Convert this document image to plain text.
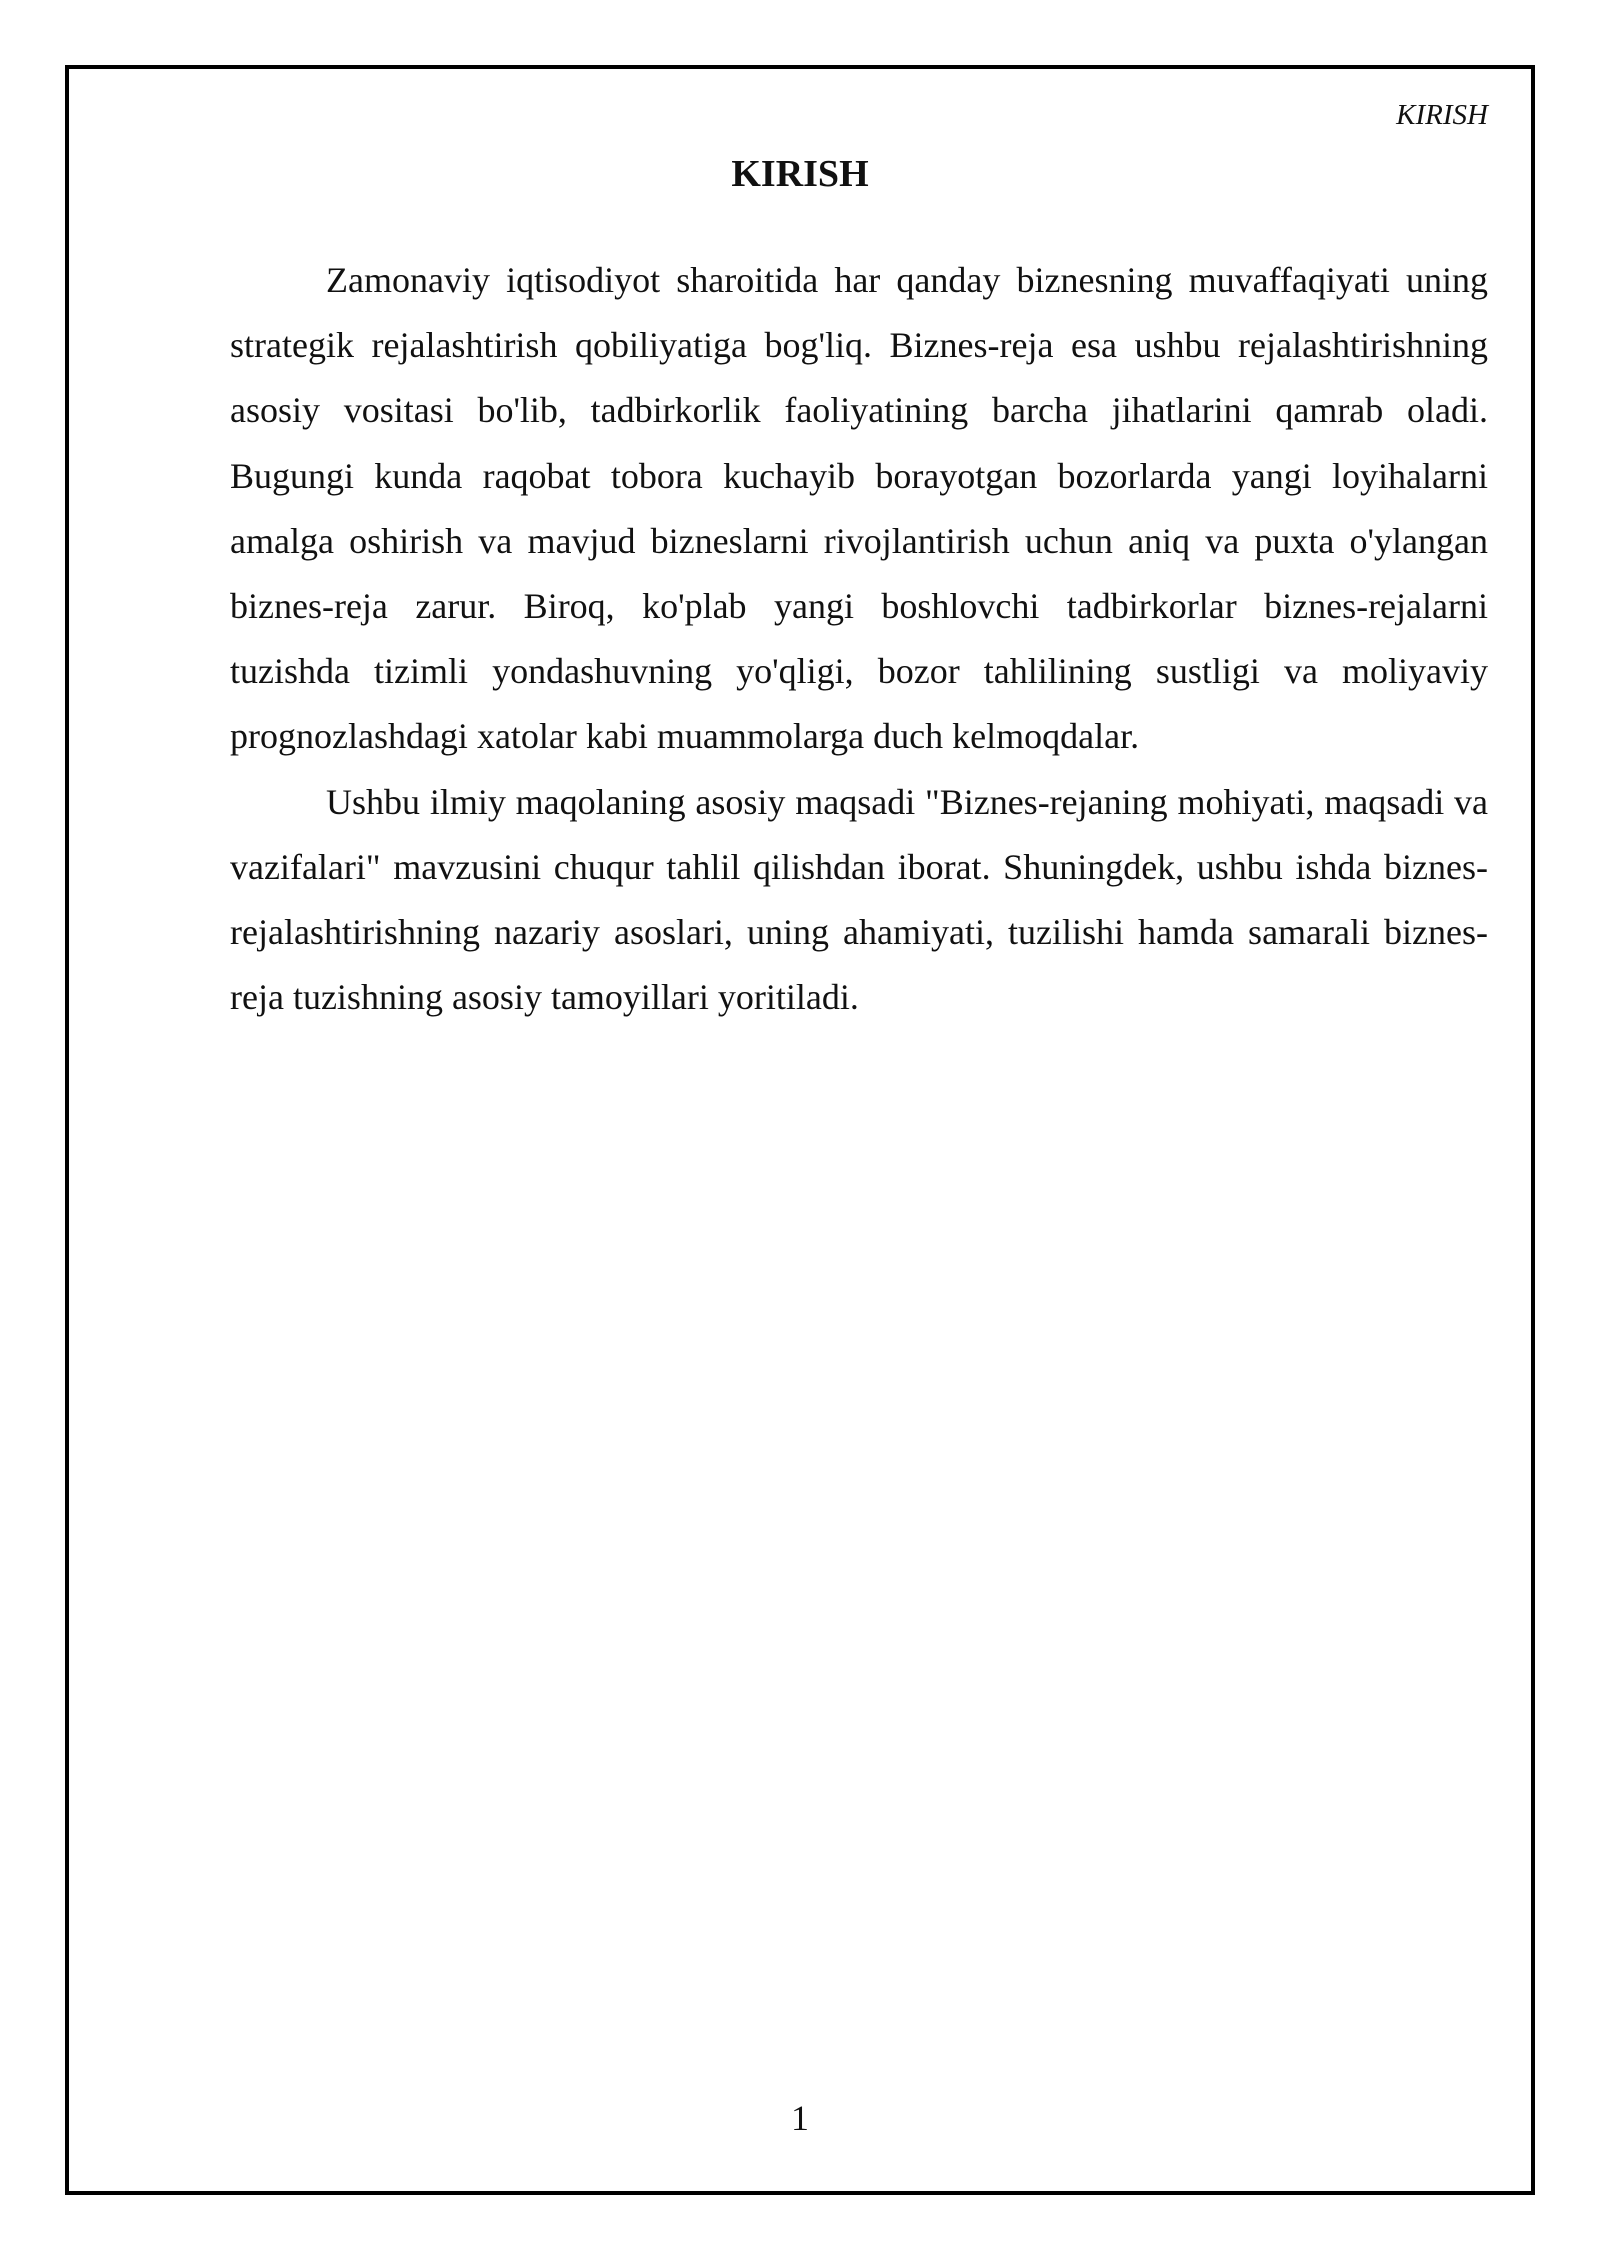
KIRISH
KIRISH

Zamonaviy iqtisodiyot sharoitida har qanday biznesning muvaffaqiyati uning strategik rejalashtirish qobiliyatiga bog'liq. Biznes-reja esa ushbu rejalashtirishning asosiy vositasi bo'lib, tadbirkorlik faoliyatining barcha jihatlarini qamrab oladi. Bugungi kunda raqobat tobora kuchayib borayotgan bozorlarda yangi loyihalarni amalga oshirish va mavjud bizneslarni rivojlantirish uchun aniq va puxta o'ylangan biznes-reja zarur. Biroq, ko'plab yangi boshlovchi tadbirkorlar biznes-rejalarni tuzishda tizimli yondashuvning yo'qligi, bozor tahlilining sustligi va moliyaviy prognozlashdagi xatolar kabi muammolarga duch kelmoqdalar.

Ushbu ilmiy maqolaning asosiy maqsadi "Biznes-rejaning mohiyati, maqsadi va vazifalari" mavzusini chuqur tahlil qilishdan iborat. Shuningdek, ushbu ishda biznes-rejalashtirishning nazariy asoslari, uning ahamiyati, tuzilishi hamda samarali biznes-reja tuzishning asosiy tamoyillari yoritiladi.

1
